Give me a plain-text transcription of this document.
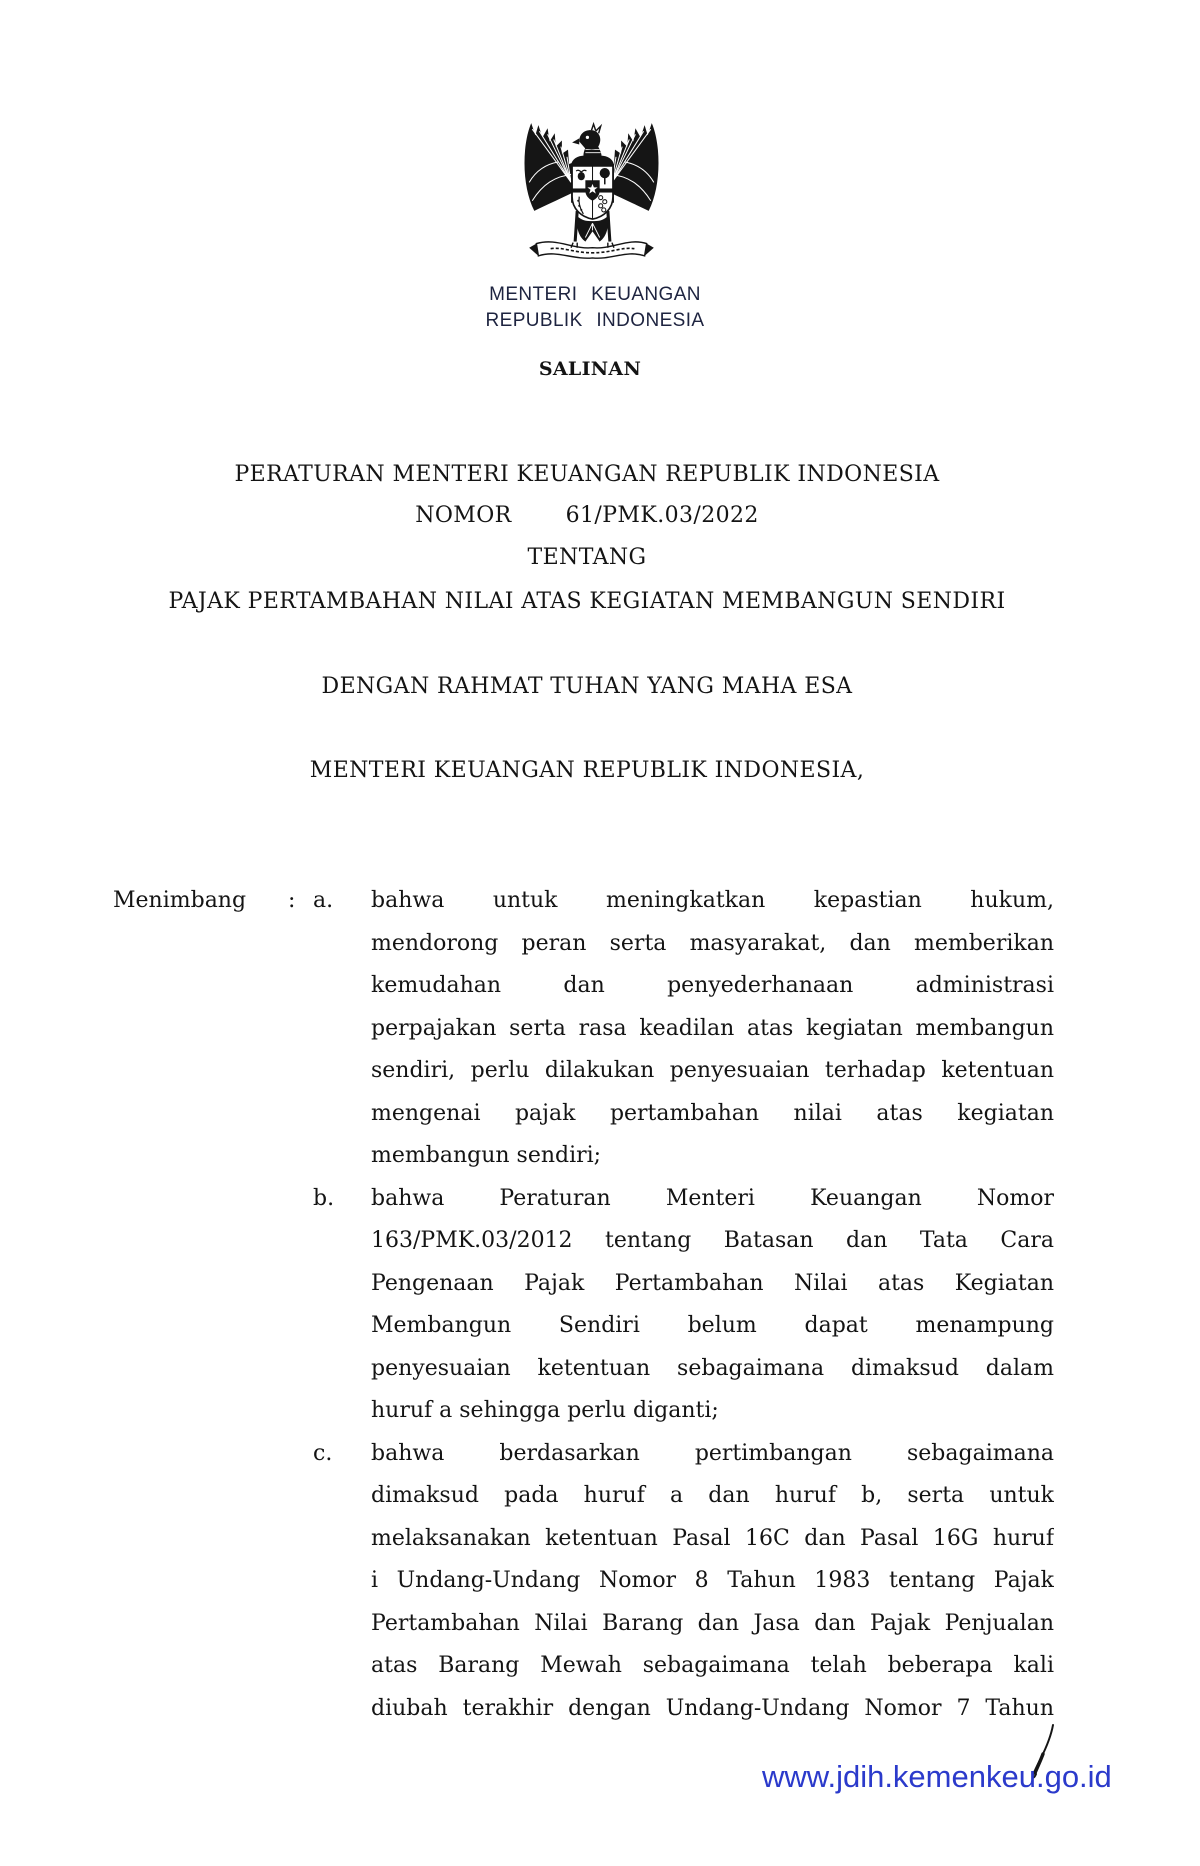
MENTERI KEUANGAN
REPUBLIK INDONESIA
SALINAN
PERATURAN MENTERI KEUANGAN REPUBLIK INDONESIA
NOMOR 61/PMK.03/2022
TENTANG
PAJAK PERTAMBAHAN NILAI ATAS KEGIATAN MEMBANGUN SENDIRI
DENGAN RAHMAT TUHAN YANG MAHA ESA
MENTERI KEUANGAN REPUBLIK INDONESIA,
Menimbang : a. bahwa untuk meningkatkan kepastian hukum,
mendorong peran serta masyarakat, dan memberikan
kemudahan dan penyederhanaan administrasi
perpajakan serta rasa keadilan atas kegiatan membangun
sendiri, perlu dilakukan penyesuaian terhadap ketentuan
mengenai pajak pertambahan nilai atas kegiatan
membangun sendiri;
b. bahwa Peraturan Menteri Keuangan Nomor
163/PMK.03/2012 tentang Batasan dan Tata Cara
Pengenaan Pajak Pertambahan Nilai atas Kegiatan
Membangun Sendiri belum dapat menampung
penyesuaian ketentuan sebagaimana dimaksud dalam
huruf a sehingga perlu diganti;
c. bahwa berdasarkan pertimbangan sebagaimana
dimaksud pada huruf a dan huruf b, serta untuk
melaksanakan ketentuan Pasal 16C dan Pasal 16G huruf
i Undang-Undang Nomor 8 Tahun 1983 tentang Pajak
Pertambahan Nilai Barang dan Jasa dan Pajak Penjualan
atas Barang Mewah sebagaimana telah beberapa kali
diubah terakhir dengan Undang-Undang Nomor 7 Tahun
www.jdih.kemenkeu.go.id
